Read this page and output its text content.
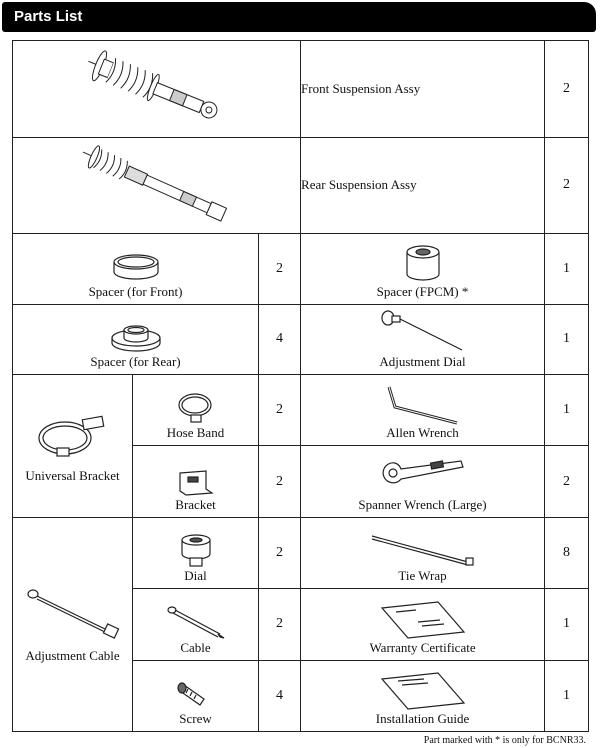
Parts List
	Front Suspension Assy	2

	Rear Suspension Assy	2

Spacer (for Front)		2	Spacer (FPCM) *	1

Spacer (for Rear)		4	Adjustment Dial	1

Universal Bracket	Hose Band	2	Allen Wrench	1

	Bracket	2	Spanner Wrench (Large)	2

Adjustment Cable	Dial	2	Tie Wrap	8

	Cable	2	Warranty Certificate	1

	Screw	4	Installation Guide	1
Part marked with * is only for BCNR33.
